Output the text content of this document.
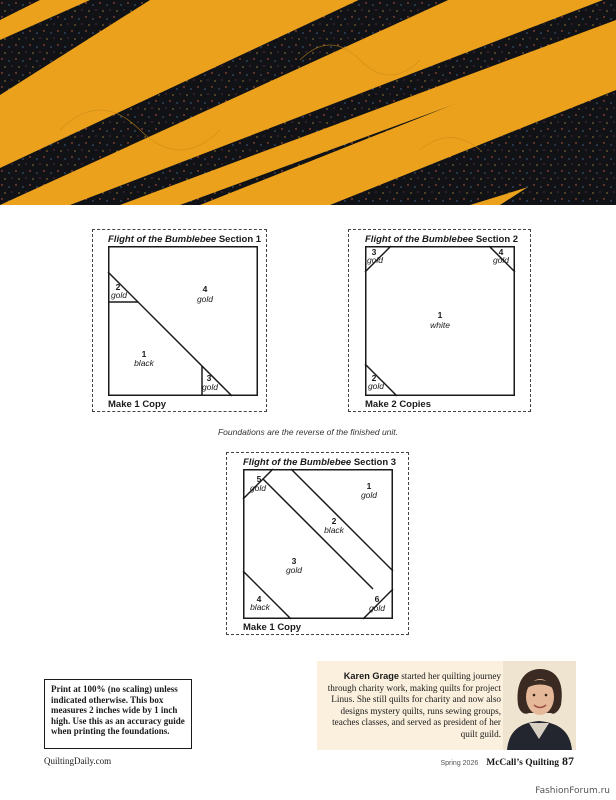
Flight of the Bumblebee Section 1
4
gold
2
gold
1
black
3
gold
Make 1 Copy
Flight of the Bumblebee Section 2
1
white
3
gold
4
gold
2
gold
Make 2 Copies
Foundations are the reverse of the finished unit.
Flight of the Bumblebee Section 3
1
gold
2
black
3
gold
4
black
5
gold
6
gold
Make 1 Copy
Print at 100% (no scaling) unless indicated otherwise. This box measures 2 inches wide by 1 inch high. Use this as an accuracy guide when printing the foundations.
Karen Grage started her quilting journey through charity work, making quilts for project Linus. She still quilts for charity and now also designs mystery quilts, runs sewing groups, teaches classes, and served as president of her quilt guild.
QuiltingDaily.com	Spring 2026 McCall’s Quilting 87
FashionForum.ru
